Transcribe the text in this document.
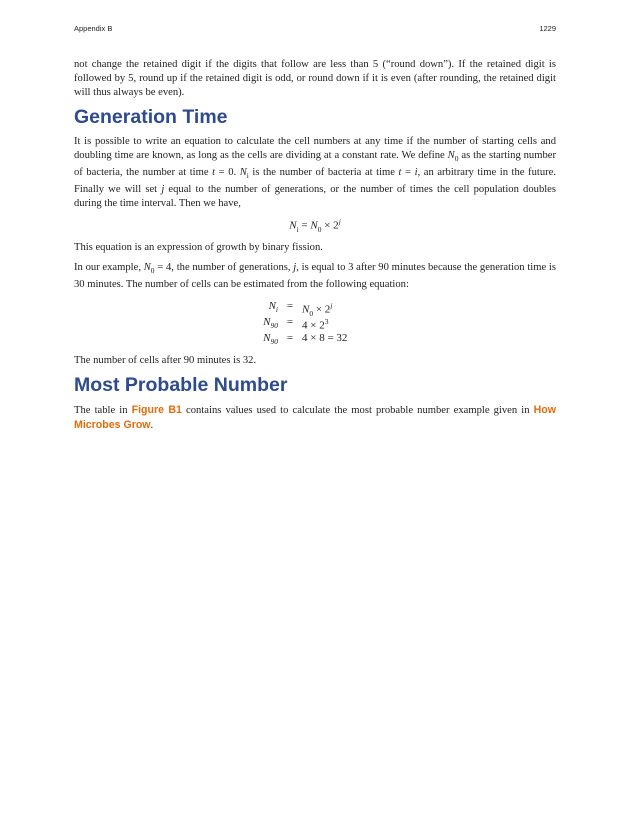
Appendix B	1229

not change the retained digit if the digits that follow are less than 5 (“round down”). If the retained digit is followed by 5, round up if the retained digit is odd, or round down if it is even (after rounding, the retained digit will thus always be even).

Generation Time

It is possible to write an equation to calculate the cell numbers at any time if the number of starting cells and doubling time are known, as long as the cells are dividing at a constant rate. We define $N_0$ as the starting number of bacteria, the number at time t = 0. $N_i$ is the number of bacteria at time t = i, an arbitrary time in the future. Finally we will set j equal to the number of generations, or the number of times the cell population doubles during the time interval. Then we have,

$N_i = N_0 \times 2^j$

This equation is an expression of growth by binary fission.

In our example, $N_0 = 4$, the number of generations, j, is equal to 3 after 90 minutes because the generation time is 30 minutes. The number of cells can be estimated from the following equation:

$N_i = N_0 \times 2^j$
$N_{90} = 4 \times 2^3$
$N_{90} = 4 \times 8 = 32$

The number of cells after 90 minutes is 32.

Most Probable Number

The table in Figure B1 contains values used to calculate the most probable number example given in How Microbes Grow.
